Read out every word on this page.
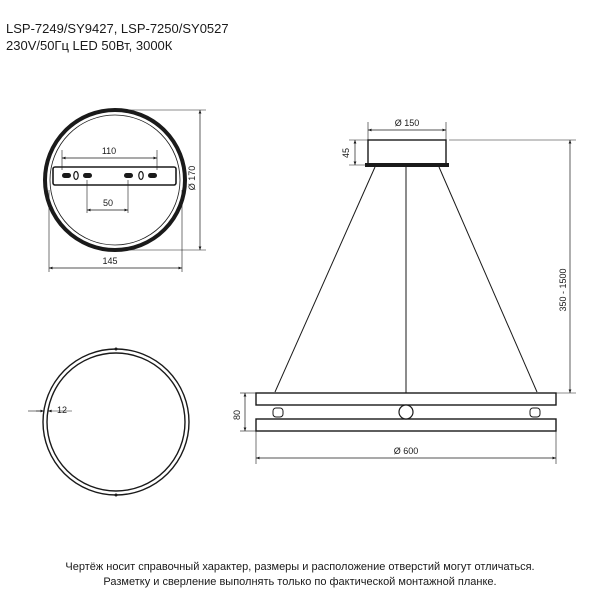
LSP-7249/SY9427, LSP-7250/SY0527
230V/50Гц LED 50Вт, 3000К
110
50
145
Ø 170
12
Ø 150
45
350 - 1500
80
Ø 600
Чертёж носит справочный характер, размеры и расположение отверстий могут отличаться.
Разметку и сверление выполнять только по фактической монтажной планке.
